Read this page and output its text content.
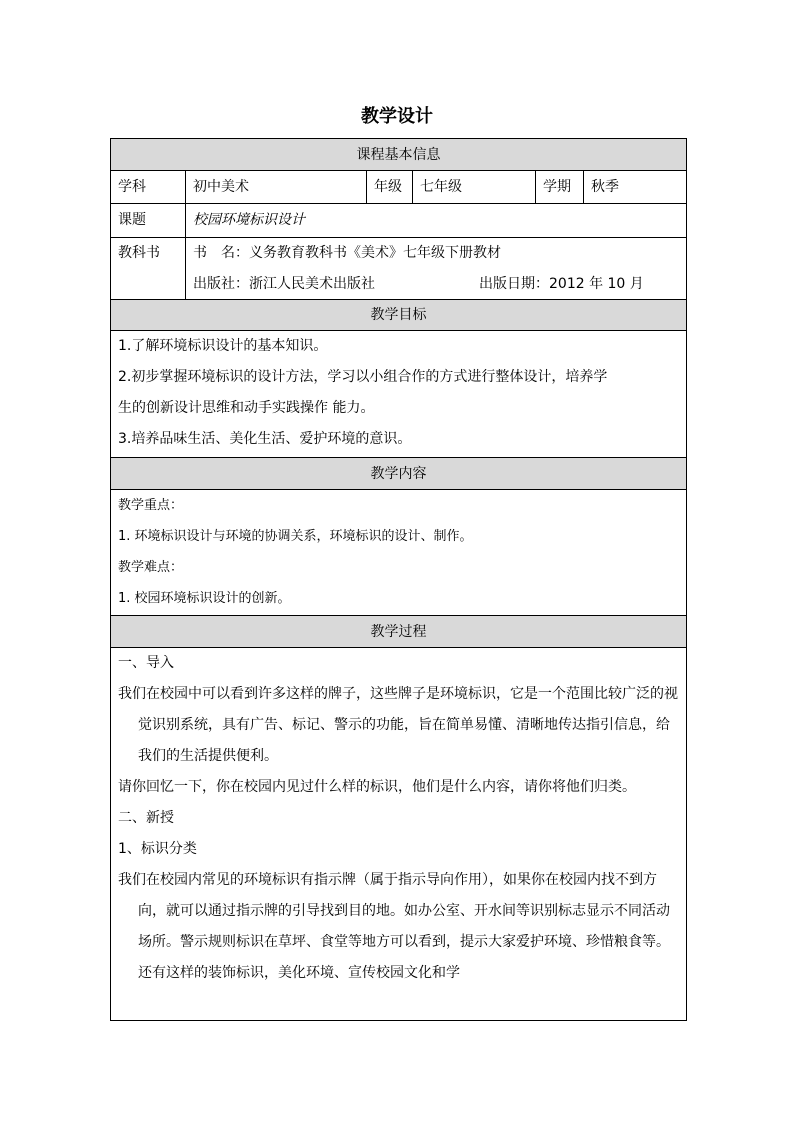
教学设计
课程基本信息
学科	初中美术	年级	七年级	学期	秋季
课题	校园环境标识设计
教科书	书　名：义务教育教科书《美术》七年级下册教材
出版社：浙江人民美术出版社	出版日期：2012 年 10 月
教学目标
1.了解环境标识设计的基本知识。
2.初步掌握环境标识的设计方法，学习以小组合作的方式进行整体设计，培养学
生的创新设计思维和动手实践操作 能力。
3.培养品味生活、美化生活、爱护环境的意识。
教学内容
教学重点：
1. 环境标识设计与环境的协调关系，环境标识的设计、制作。
教学难点：
1. 校园环境标识设计的创新。
教学过程
一、导入
我们在校园中可以看到许多这样的牌子，这些牌子是环境标识，它是一个范围比较广泛的视觉识别系统，具有广告、标记、警示的功能，旨在简单易懂、清晰地传达指引信息，给我们的生活提供便利。
请你回忆一下，你在校园内见过什么样的标识，他们是什么内容，请你将他们归类。
二、新授
1、标识分类
我们在校园内常见的环境标识有指示牌（属于指示导向作用），如果你在校园内找不到方向，就可以通过指示牌的引导找到目的地。如办公室、开水间等识别标志显示不同活动场所。警示规则标识在草坪、食堂等地方可以看到，提示大家爱护环境、珍惜粮食等。还有这样的装饰标识，美化环境、宣传校园文化和学
